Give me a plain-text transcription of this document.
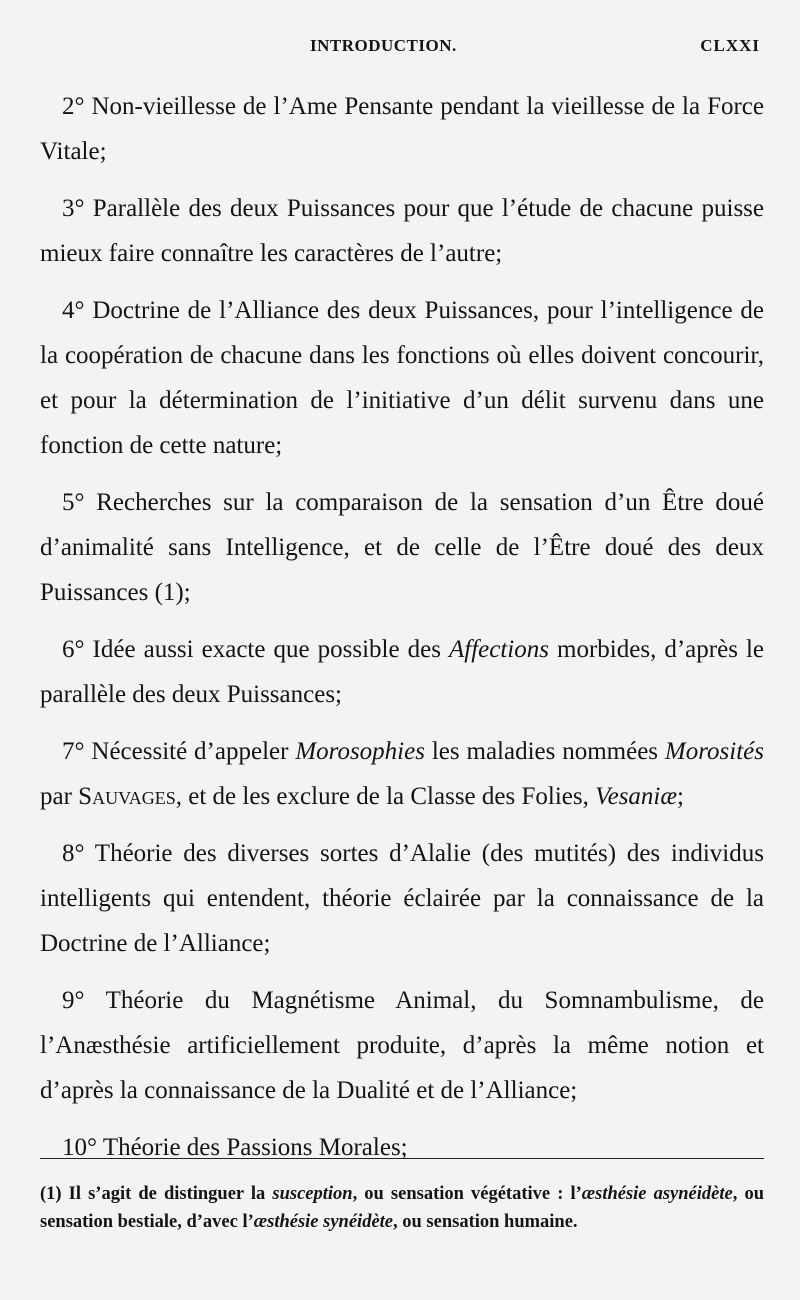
INTRODUCTION.	CLXXI

2° Non-vieillesse de l’Ame Pensante pendant la vieillesse de la Force Vitale;

3° Parallèle des deux Puissances pour que l’étude de chacune puisse mieux faire connaître les caractères de l’autre;

4° Doctrine de l’Alliance des deux Puissances, pour l’intelligence de la coopération de chacune dans les fonctions où elles doivent concourir, et pour la détermination de l’initiative d’un délit survenu dans une fonction de cette nature;

5° Recherches sur la comparaison de la sensation d’un Être doué d’animalité sans Intelligence, et de celle de l’Être doué des deux Puissances (1);

6° Idée aussi exacte que possible des Affections morbides, d’après le parallèle des deux Puissances;

7° Nécessité d’appeler Morosophies les maladies nommées Morosités par Sauvages, et de les exclure de la Classe des Folies, Vesaniæ;

8° Théorie des diverses sortes d’Alalie (des mutités) des individus intelligents qui entendent, théorie éclairée par la connaissance de la Doctrine de l’Alliance;

9° Théorie du Magnétisme Animal, du Somnambulisme, de l’Anæsthésie artificiellement produite, d’après la même notion et d’après la connaissance de la Dualité et de l’Alliance;

10° Théorie des Passions Morales;

(1) Il s’agit de distinguer la susception, ou sensation végétative : l’æsthésie asynéidète, ou sensation bestiale, d’avec l’æsthésie synéidète, ou sensation humaine.
